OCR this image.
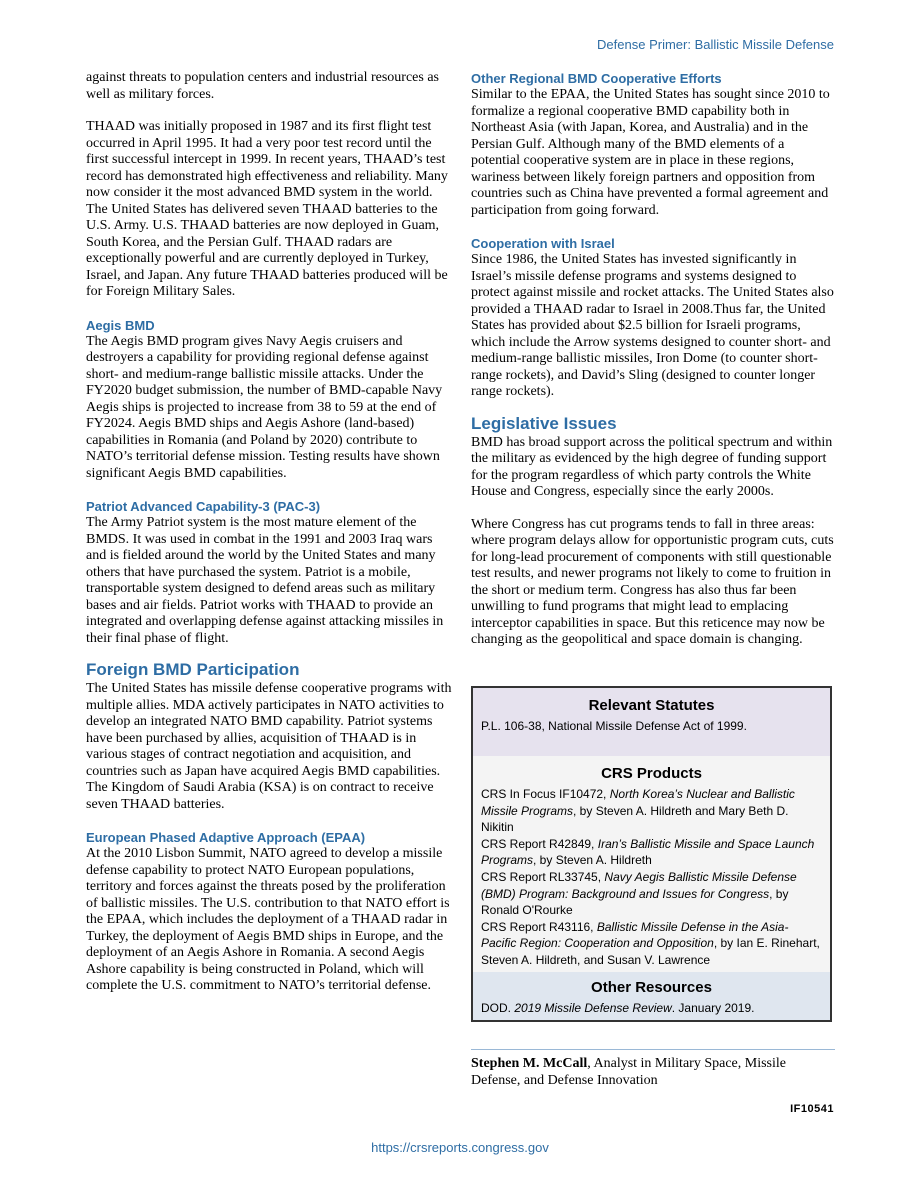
Defense Primer: Ballistic Missile Defense

against threats to population centers and industrial resources as well as military forces.

THAAD was initially proposed in 1987 and its first flight test occurred in April 1995. It had a very poor test record until the first successful intercept in 1999. In recent years, THAAD’s test record has demonstrated high effectiveness and reliability. Many now consider it the most advanced BMD system in the world. The United States has delivered seven THAAD batteries to the U.S. Army. U.S. THAAD batteries are now deployed in Guam, South Korea, and the Persian Gulf. THAAD radars are exceptionally powerful and are currently deployed in Turkey, Israel, and Japan. Any future THAAD batteries produced will be for Foreign Military Sales.

Aegis BMD

The Aegis BMD program gives Navy Aegis cruisers and destroyers a capability for providing regional defense against short- and medium-range ballistic missile attacks. Under the FY2020 budget submission, the number of BMD-capable Navy Aegis ships is projected to increase from 38 to 59 at the end of FY2024. Aegis BMD ships and Aegis Ashore (land-based) capabilities in Romania (and Poland by 2020) contribute to NATO’s territorial defense mission. Testing results have shown significant Aegis BMD capabilities.

Patriot Advanced Capability-3 (PAC-3)

The Army Patriot system is the most mature element of the BMDS. It was used in combat in the 1991 and 2003 Iraq wars and is fielded around the world by the United States and many others that have purchased the system. Patriot is a mobile, transportable system designed to defend areas such as military bases and air fields. Patriot works with THAAD to provide an integrated and overlapping defense against attacking missiles in their final phase of flight.

Foreign BMD Participation

The United States has missile defense cooperative programs with multiple allies. MDA actively participates in NATO activities to develop an integrated NATO BMD capability. Patriot systems have been purchased by allies, acquisition of THAAD is in various stages of contract negotiation and acquisition, and countries such as Japan have acquired Aegis BMD capabilities. The Kingdom of Saudi Arabia (KSA) is on contract to receive seven THAAD batteries.

European Phased Adaptive Approach (EPAA)

At the 2010 Lisbon Summit, NATO agreed to develop a missile defense capability to protect NATO European populations, territory and forces against the threats posed by the proliferation of ballistic missiles. The U.S. contribution to that NATO effort is the EPAA, which includes the deployment of a THAAD radar in Turkey, the deployment of Aegis BMD ships in Europe, and the deployment of an Aegis Ashore in Romania. A second Aegis Ashore capability is being constructed in Poland, which will complete the U.S. commitment to NATO’s territorial defense.

Other Regional BMD Cooperative Efforts

Similar to the EPAA, the United States has sought since 2010 to formalize a regional cooperative BMD capability both in Northeast Asia (with Japan, Korea, and Australia) and in the Persian Gulf. Although many of the BMD elements of a potential cooperative system are in place in these regions, wariness between likely foreign partners and opposition from countries such as China have prevented a formal agreement and participation from going forward.

Cooperation with Israel

Since 1986, the United States has invested significantly in Israel’s missile defense programs and systems designed to protect against missile and rocket attacks. The United States also provided a THAAD radar to Israel in 2008.Thus far, the United States has provided about $2.5 billion for Israeli programs, which include the Arrow systems designed to counter short- and medium-range ballistic missiles, Iron Dome (to counter short-range rockets), and David’s Sling (designed to counter longer range rockets).

Legislative Issues

BMD has broad support across the political spectrum and within the military as evidenced by the high degree of funding support for the program regardless of which party controls the White House and Congress, especially since the early 2000s.

Where Congress has cut programs tends to fall in three areas: where program delays allow for opportunistic program cuts, cuts for long-lead procurement of components with still questionable test results, and newer programs not likely to come to fruition in the short or medium term. Congress has also thus far been unwilling to fund programs that might lead to emplacing interceptor capabilities in space. But this reticence may now be changing as the geopolitical and space domain is changing.

Relevant Statutes
P.L. 106-38, National Missile Defense Act of 1999.
CRS Products
CRS In Focus IF10472, North Korea’s Nuclear and Ballistic Missile Programs, by Steven A. Hildreth and Mary Beth D. Nikitin
CRS Report R42849, Iran’s Ballistic Missile and Space Launch Programs, by Steven A. Hildreth
CRS Report RL33745, Navy Aegis Ballistic Missile Defense (BMD) Program: Background and Issues for Congress, by Ronald O'Rourke
CRS Report R43116, Ballistic Missile Defense in the Asia-Pacific Region: Cooperation and Opposition, by Ian E. Rinehart, Steven A. Hildreth, and Susan V. Lawrence
Other Resources
DOD. 2019 Missile Defense Review. January 2019.
Stephen M. McCall, Analyst in Military Space, Missile Defense, and Defense Innovation
IF10541
https://crsreports.congress.gov
